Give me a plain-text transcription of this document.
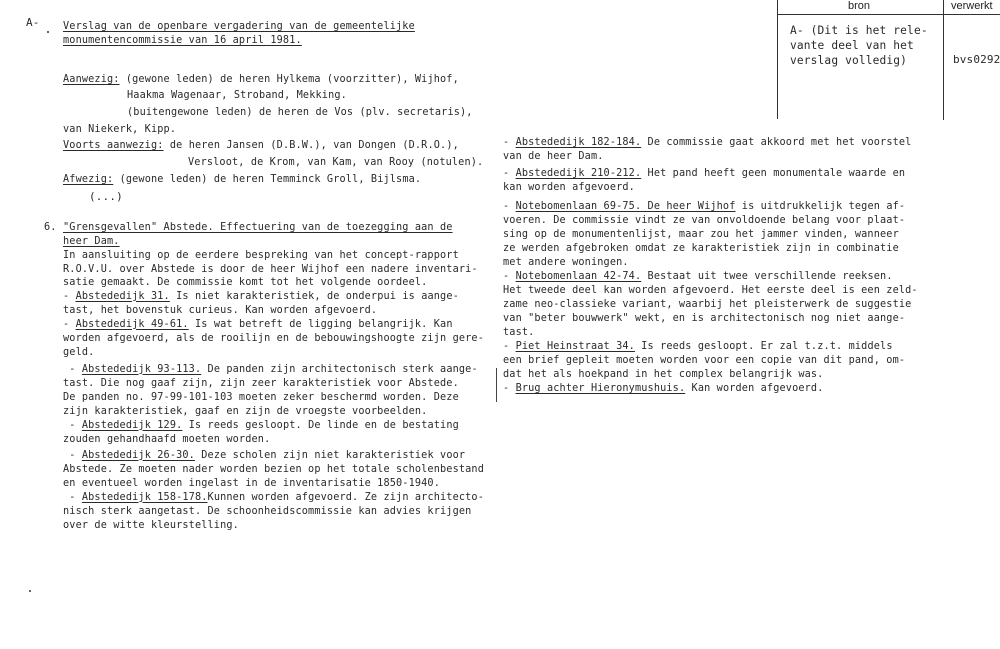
A-
bron	verwerkt
A- (Dit is het rele-
vante deel van het
verslag volledig)	bvs0292
Verslag van de openbare vergadering van de gemeentelijke
monumentencommissie van 16 april 1981.
Aanwezig: (gewone leden) de heren Hylkema (voorzitter), Wijhof,
Haakma Wagenaar, Stroband, Mekking.
(buitengewone leden) de heren de Vos (plv. secretaris),
van Niekerk, Kipp.
Voorts aanwezig: de heren Jansen (D.B.W.), van Dongen (D.R.O.),
Versloot, de Krom, van Kam, van Rooy (notulen).
Afwezig: (gewone leden) de heren Temminck Groll, Bijlsma.
(...)
6. "Grensgevallen" Abstede. Effectuering van de toezegging aan de
heer Dam.
In aansluiting op de eerdere bespreking van het concept-rapport
R.O.V.U. over Abstede is door de heer Wijhof een nadere inventari-
satie gemaakt. De commissie komt tot het volgende oordeel.
- Abstededijk 31. Is niet karakteristiek, de onderpui is aange-
tast, het bovenstuk curieus. Kan worden afgevoerd.
- Abstededijk 49-61. Is wat betreft de ligging belangrijk. Kan
worden afgevoerd, als de rooilijn en de bebouwingshoogte zijn gere-
geld.
- Abstededijk 93-113. De panden zijn architectonisch sterk aange-
tast. Die nog gaaf zijn, zijn zeer karakteristiek voor Abstede.
De panden no. 97-99-101-103 moeten zeker beschermd worden. Deze
zijn karakteristiek, gaaf en zijn de vroegste voorbeelden.
- Abstededijk 129. Is reeds gesloopt. De linde en de bestating
zouden gehandhaafd moeten worden.
- Abstededijk 26-30. Deze scholen zijn niet karakteristiek voor
Abstede. Ze moeten nader worden bezien op het totale scholenbestand
en eventueel worden ingelast in de inventarisatie 1850-1940.
- Abstededijk 158-178.Kunnen worden afgevoerd. Ze zijn architecto-
nisch sterk aangetast. De schoonheidscommissie kan advies krijgen
over de witte kleurstelling.
- Abstededijk 182-184. De commissie gaat akkoord met het voorstel
van de heer Dam.
- Abstededijk 210-212. Het pand heeft geen monumentale waarde en
kan worden afgevoerd.
- Notebomenlaan 69-75. De heer Wijhof is uitdrukkelijk tegen af-
voeren. De commissie vindt ze van onvoldoende belang voor plaat-
sing op de monumentenlijst, maar zou het jammer vinden, wanneer
ze werden afgebroken omdat ze karakteristiek zijn in combinatie
met andere woningen.
- Notebomenlaan 42-74. Bestaat uit twee verschillende reeksen.
Het tweede deel kan worden afgevoerd. Het eerste deel is een zeld-
zame neo-classieke variant, waarbij het pleisterwerk de suggestie
van "beter bouwwerk" wekt, en is architectonisch nog niet aange-
tast.
- Piet Heinstraat 34. Is reeds gesloopt. Er zal t.z.t. middels
een brief gepleit moeten worden voor een copie van dit pand, om-
dat het als hoekpand in het complex belangrijk was.
- Brug achter Hieronymushuis. Kan worden afgevoerd.
